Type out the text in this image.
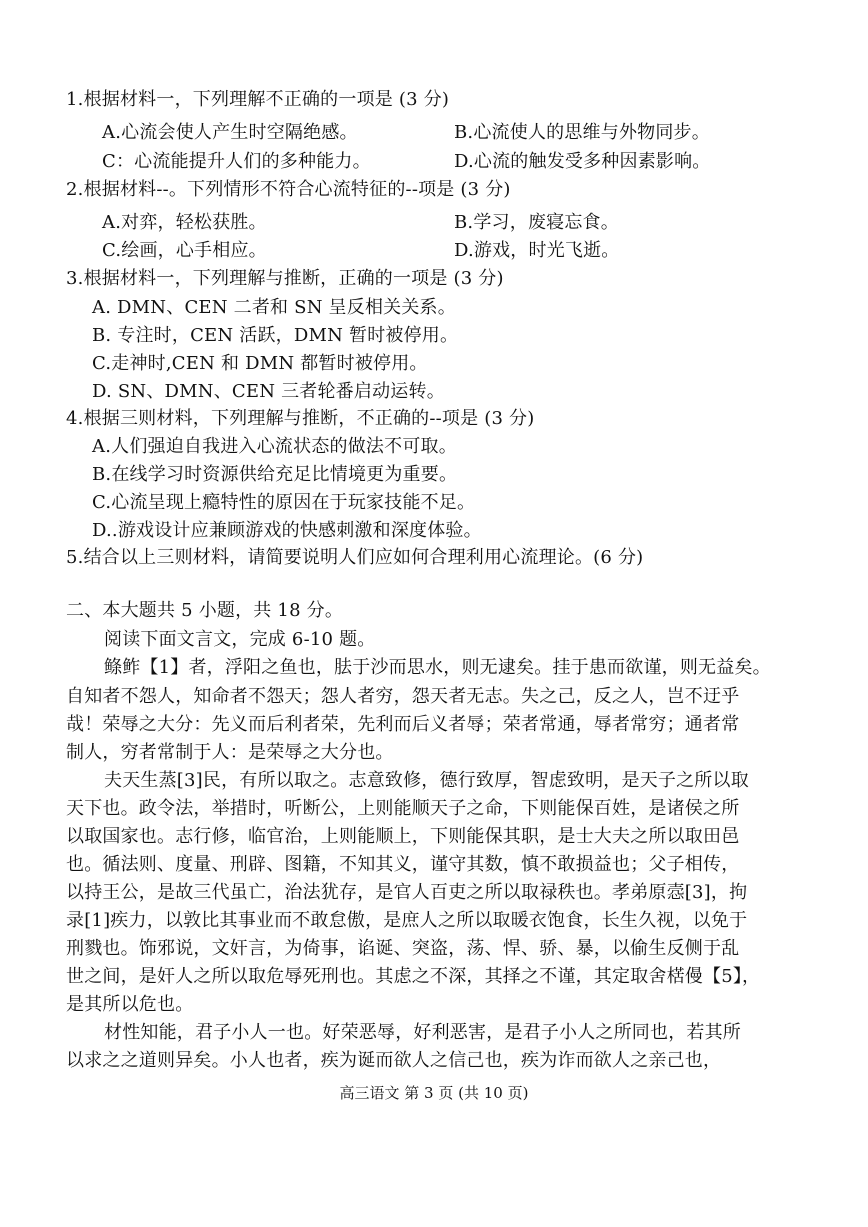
1.根据材料一，下列理解不正确的一项是 (3 分)
A.心流会使人产生时空隔绝感。	B.心流使人的思维与外物同步。
C：心流能提升人们的多种能力。	D.心流的触发受多种因素影响。
2.根据材料--。下列情形不符合心流特征的--项是 (3 分)
A.对弈，轻松获胜。	B.学习，废寝忘食。
C.绘画，心手相应。	D.游戏，时光飞逝。
3.根据材料一，下列理解与推断，正确的一项是 (3 分)
A. DMN、CEN 二者和 SN 呈反相关关系。
B. 专注时，CEN 活跃，DMN 暂时被停用。
C.走神时,CEN 和 DMN 都暂时被停用。
D. SN、DMN、CEN 三者轮番启动运转。
4.根据三则材料，下列理解与推断，不正确的--项是 (3 分)
A.人们强迫自我进入心流状态的做法不可取。
B.在线学习时资源供给充足比情境更为重要。
C.心流呈现上瘾特性的原因在于玩家技能不足。
D..游戏设计应兼顾游戏的快感刺激和深度体验。
5.结合以上三则材料，请简要说明人们应如何合理利用心流理论。(6 分)
二、本大题共 5 小题，共 18 分。
阅读下面文言文，完成 6-10 题。
鲦鲊【1】者，浮阳之鱼也，胠于沙而思水，则无逮矣。挂于患而欲谨，则无益矣。
自知者不怨人，知命者不怨天；怨人者穷，怨天者无志。失之己，反之人，岂不迂乎
哉！荣辱之大分：先义而后利者荣，先利而后义者辱；荣者常通，辱者常穷；通者常
制人，穷者常制于人：是荣辱之大分也。
夫天生蒸[3]民，有所以取之。志意致修，德行致厚，智虑致明，是天子之所以取
天下也。政令法，举措时，听断公，上则能顺天子之命，下则能保百姓，是诸侯之所
以取国家也。志行修，临官治，上则能顺上，下则能保其职，是士大夫之所以取田邑
也。循法则、度量、刑辟、图籍，不知其义，谨守其数，慎不敢损益也；父子相传，
以持王公，是故三代虽亡，治法犹存，是官人百吏之所以取禄秩也。孝弟原悫[3]，拘
录[1]疾力，以敦比其事业而不敢怠傲，是庶人之所以取暖衣饱食，长生久视，以免于
刑戮也。饰邪说，文奸言，为倚事，谄诞、突盗，荡、悍、骄、暴，以偷生反侧于乱
世之间，是奸人之所以取危辱死刑也。其虑之不深，其择之不谨，其定取舍楛僈【5】，
是其所以危也。
材性知能，君子小人一也。好荣恶辱，好利恶害，是君子小人之所同也，若其所
以求之之道则异矣。小人也者，疾为诞而欲人之信己也，疾为诈而欲人之亲己也，
高三语文 第 3 页 (共 10 页)
